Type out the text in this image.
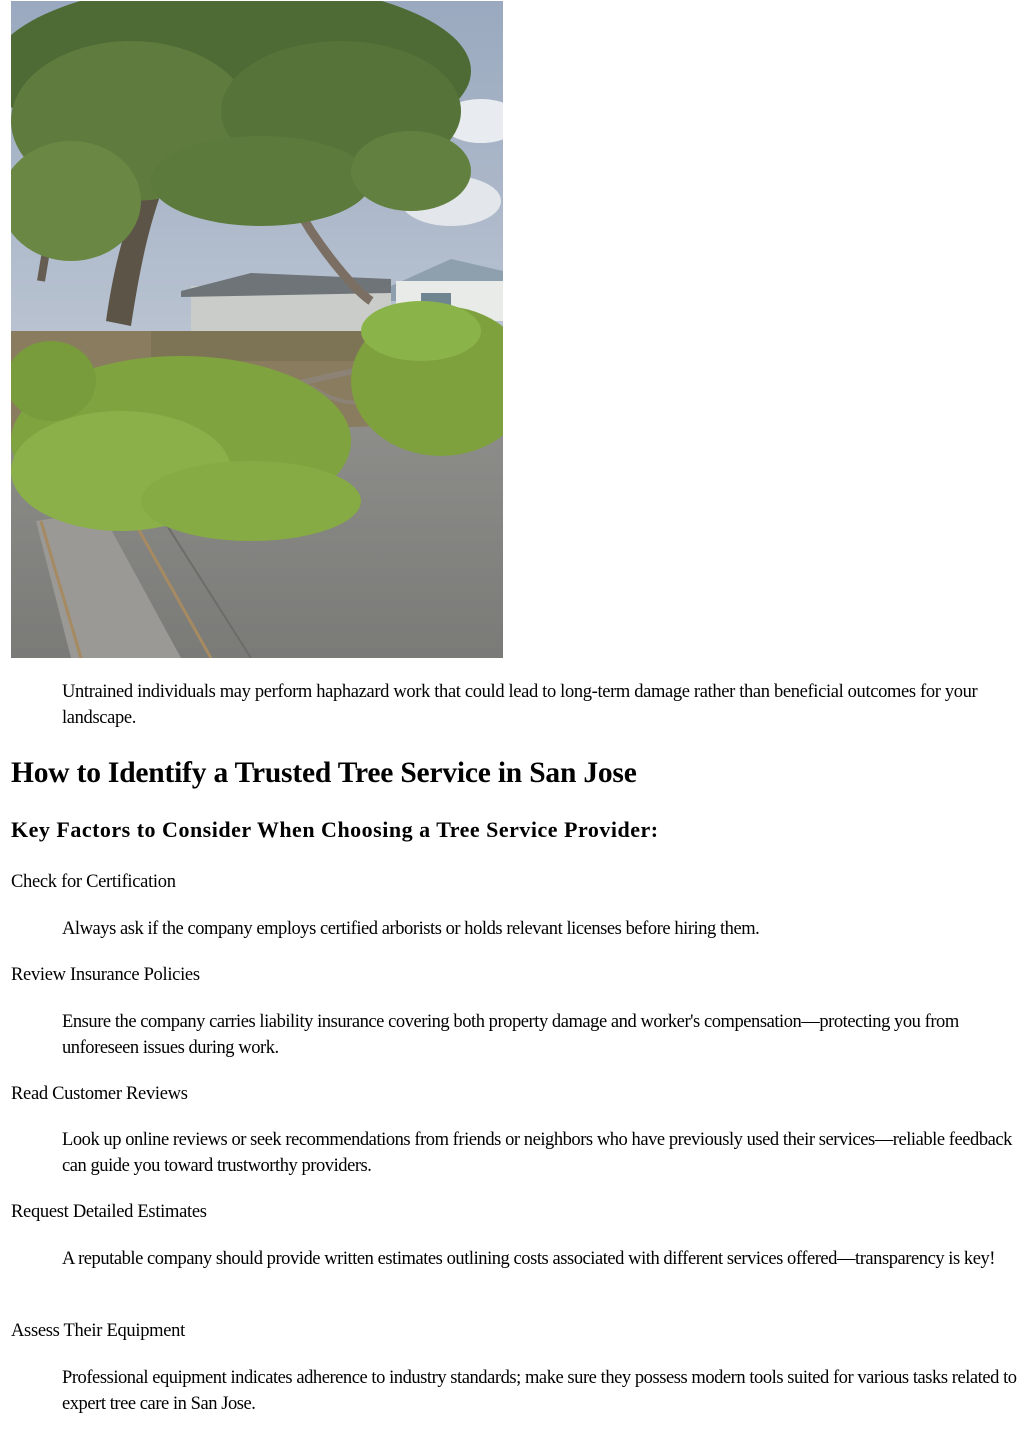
Untrained individuals may perform haphazard work that could lead to long-term damage rather than beneficial outcomes for your landscape.

How to Identify a Trusted Tree Service in San Jose
Key Factors to Consider When Choosing a Tree Service Provider:

Check for Certification

Always ask if the company employs certified arborists or holds relevant licenses before hiring them.

Review Insurance Policies

Ensure the company carries liability insurance covering both property damage and worker's compensation—protecting you from unforeseen issues during work.

Read Customer Reviews

Look up online reviews or seek recommendations from friends or neighbors who have previously used their services—reliable feedback can guide you toward trustworthy providers.

Request Detailed Estimates

A reputable company should provide written estimates outlining costs associated with different services offered—transparency is key!

Assess Their Equipment

Professional equipment indicates adherence to industry standards; make sure they possess modern tools suited for various tasks related to expert tree care in San Jose.
